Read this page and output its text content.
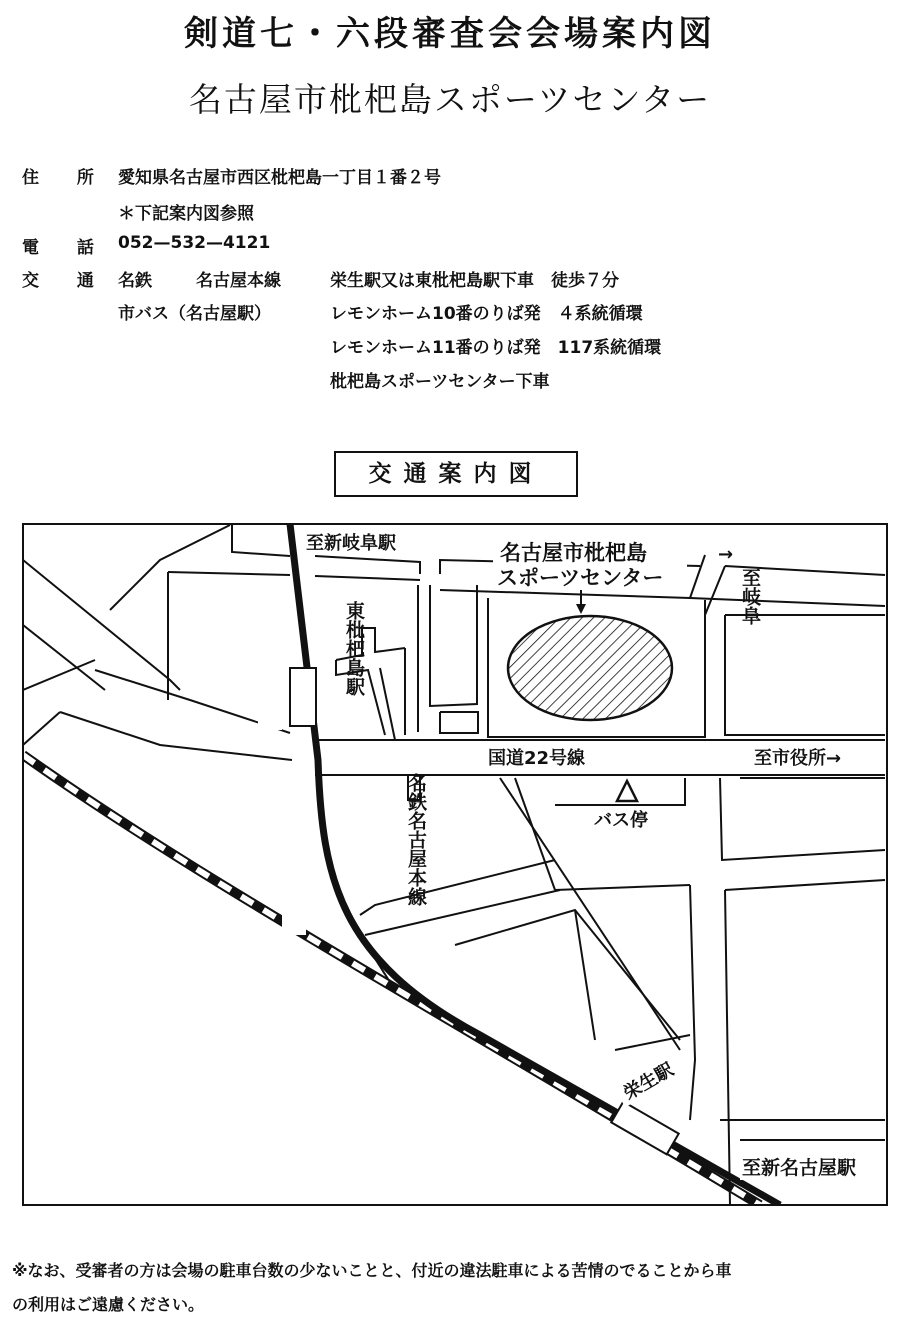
剣道七・六段審査会会場案内図
名古屋市枇杷島スポーツセンター
住 所 愛知県名古屋市西区枇杷島一丁目１番２号
＊下記案内図参照
電 話 052—532—4121
交 通 名鉄	名古屋本線	栄生駅又は東枇杷島駅下車　徒歩７分
市バス（名古屋駅）	レモンホーム10番のりば発　４系統循環
レモンホーム11番のりば発　117系統循環
枇杷島スポーツセンター下車
交通案内図
至新岐阜駅	名古屋市枇杷島
スポーツセンター
→
至岐阜
国道22号線	至市役所→
バス停
東枇杷島駅
名鉄名古屋本線
栄生駅
至新名古屋駅
※なお、受審者の方は会場の駐車台数の少ないことと、付近の違法駐車による苦情のでることから車
の利用はご遠慮ください。
